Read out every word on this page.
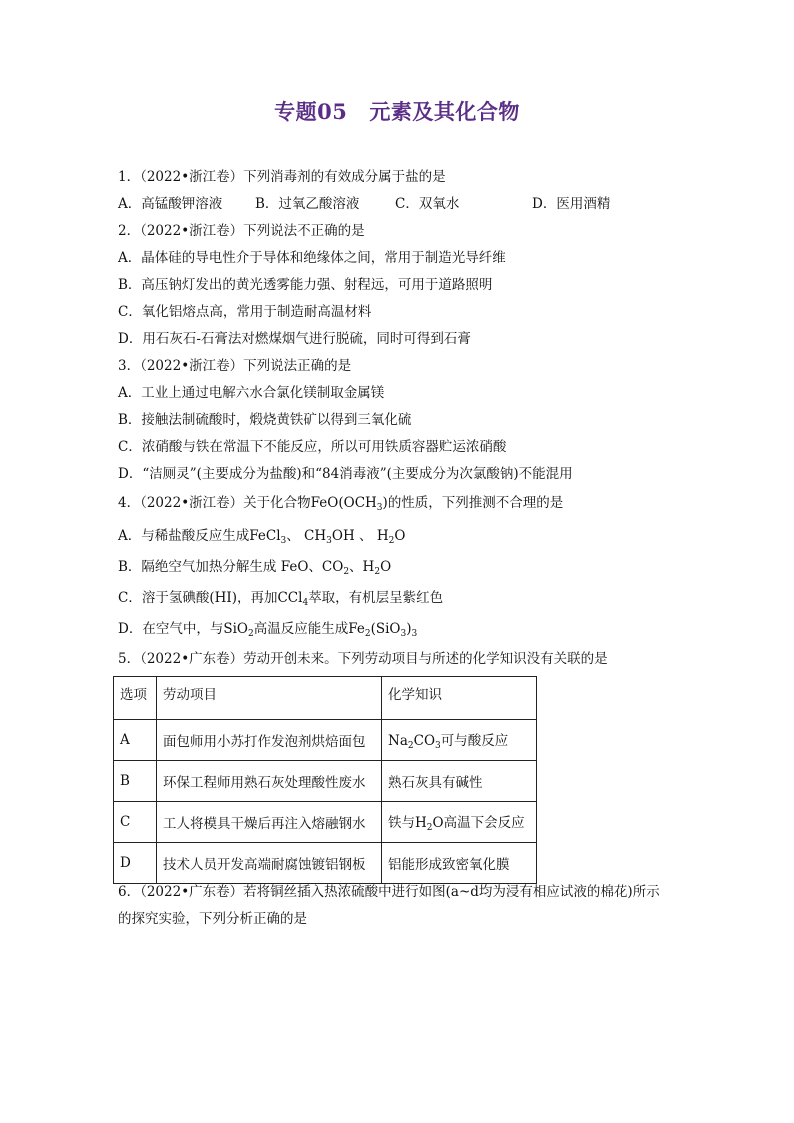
专题05 元素及其化合物
1．（2022•浙江卷）下列消毒剂的有效成分属于盐的是
A．高锰酸钾溶液 B．过氧乙酸溶液	C．双氧水	D．医用酒精
2．（2022•浙江卷）下列说法不正确的是
A．晶体硅的导电性介于导体和绝缘体之间，常用于制造光导纤维
B．高压钠灯发出的黄光透雾能力强、射程远，可用于道路照明
C．氧化铝熔点高，常用于制造耐高温材料
D．用石灰石-石膏法对燃煤烟气进行脱硫，同时可得到石膏
3．（2022•浙江卷）下列说法正确的是
A．工业上通过电解六水合氯化镁制取金属镁
B．接触法制硫酸时，煅烧黄铁矿以得到三氧化硫
C．浓硝酸与铁在常温下不能反应，所以可用铁质容器贮运浓硝酸
D．“洁厕灵”(主要成分为盐酸)和“84消毒液”(主要成分为次氯酸钠)不能混用
4．（2022•浙江卷）关于化合物$FeO(OCH_3)$的性质，下列推测不合理的是
A．与稀盐酸反应生成FeCl$_3$、 $CH_3OH$ 、 $H_2O$
B．隔绝空气加热分解生成 FeO、$CO_2$、$H_2O$
C．溶于氢碘酸(HI)，再加CCl$_4$萃取，有机层呈紫红色
D．在空气中，与SiO$_2$高温反应能生成$Fe_2(SiO_3)_3$
5．（2022•广东卷）劳动开创未来。下列劳动项目与所述的化学知识没有关联的是
选项	劳动项目	化学知识
A	面包师用小苏打作发泡剂烘焙面包	$Na_2CO_3$可与酸反应
B	环保工程师用熟石灰处理酸性废水	熟石灰具有碱性
C	工人将模具干燥后再注入熔融钢水	铁与$H_2O$高温下会反应
D	技术人员开发高端耐腐蚀镀铝钢板	铝能形成致密氧化膜
6．（2022•广东卷）若将铜丝插入热浓硫酸中进行如图(a~d均为浸有相应试液的棉花)所示
的探究实验，下列分析正确的是
